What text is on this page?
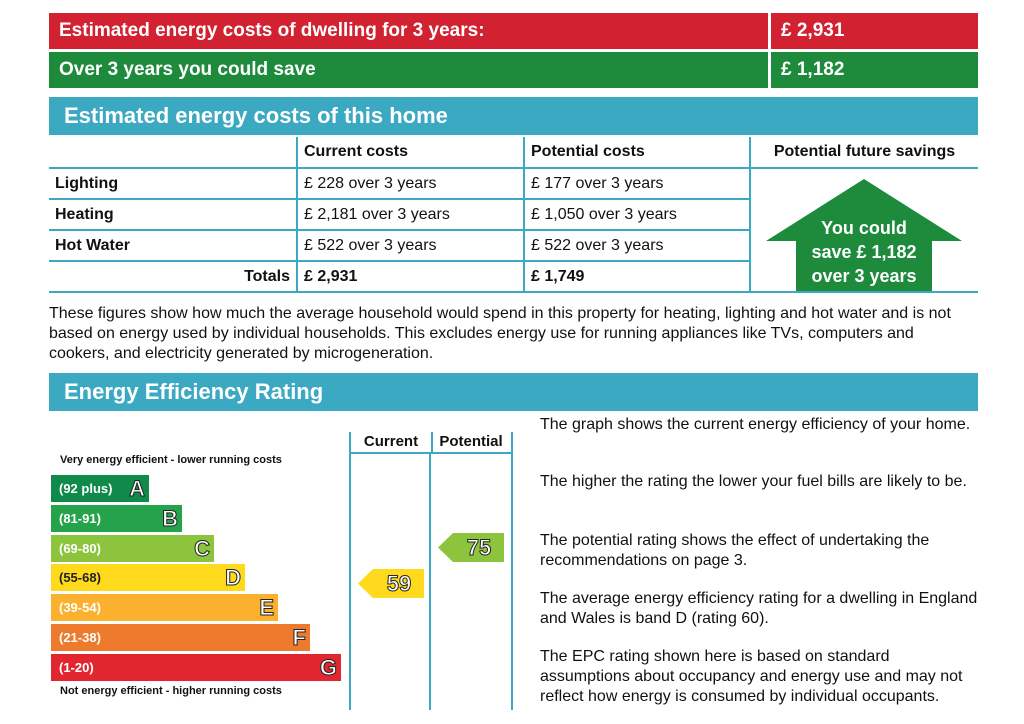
Estimated energy costs of dwelling for 3 years:	£ 2,931
Over 3 years you could save	£ 1,182
Estimated energy costs of this home
	Current costs	Potential costs	Potential future savings
Lighting	£ 228 over 3 years	£ 177 over 3 years	
Heating	£ 2,181 over 3 years	£ 1,050 over 3 years	
Hot Water	£ 522 over 3 years	£ 522 over 3 years	
Totals	£ 2,931	£ 1,749	
You could
save £ 1,182
over 3 years
These figures show how much the average household would spend in this property for heating, lighting and hot water and is not based on energy used by individual households. This excludes energy use for running appliances like TVs, computers and cookers, and electricity generated by microgeneration.
Energy Efficiency Rating
Current	Potential
Very energy efficient - lower running costs
(92 plus) A
(81-91)	B
(69-80)	C
(55-68)	D
(39-54)	E
(21-38)	F
(1-20)	G
Not energy efficient - higher running costs
59
75
The graph shows the current energy efficiency of your home.
The higher the rating the lower your fuel bills are likely to be.
The potential rating shows the effect of undertaking the recommendations on page 3.
The average energy efficiency rating for a dwelling in England and Wales is band D (rating 60).
The EPC rating shown here is based on standard assumptions about occupancy and energy use and may not reflect how energy is consumed by individual occupants.
